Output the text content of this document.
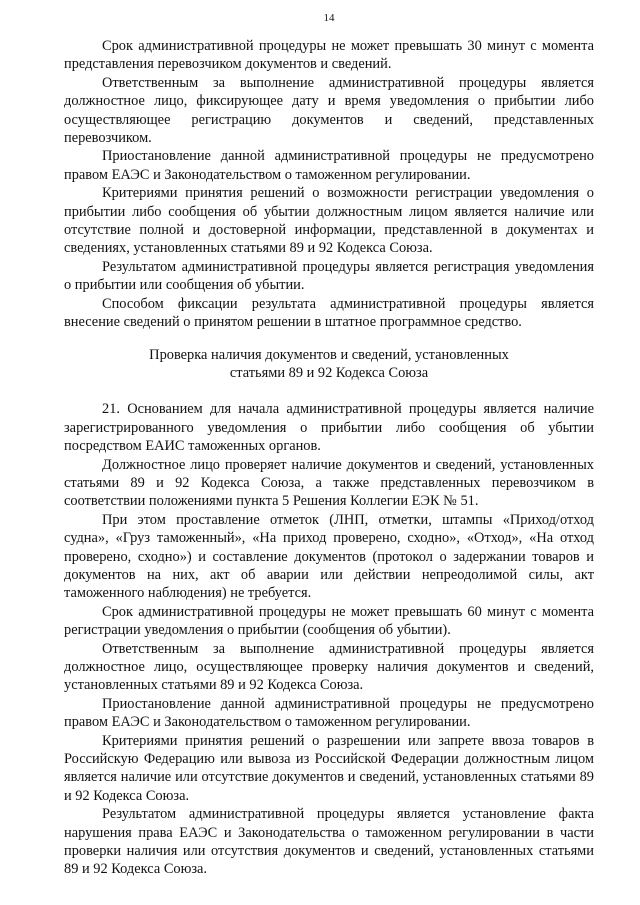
14

Срок административной процедуры не может превышать 30 минут с момента представления перевозчиком документов и сведений.

Ответственным за выполнение административной процедуры является должностное лицо, фиксирующее дату и время уведомления о прибытии либо осуществляющее регистрацию документов и сведений, представленных перевозчиком.

Приостановление данной административной процедуры не предусмотрено правом ЕАЭС и Законодательством о таможенном регулировании.

Критериями принятия решений о возможности регистрации уведомления о прибытии либо сообщения об убытии должностным лицом является наличие или отсутствие полной и достоверной информации, представленной в документах и сведениях, установленных статьями 89 и 92 Кодекса Союза.

Результатом административной процедуры является регистрация уведомления о прибытии или сообщения об убытии.

Способом фиксации результата административной процедуры является внесение сведений о принятом решении в штатное программное средство.

Проверка наличия документов и сведений, установленных
статьями 89 и 92 Кодекса Союза

21. Основанием для начала административной процедуры является наличие зарегистрированного уведомления о прибытии либо сообщения об убытии посредством ЕАИС таможенных органов.

Должностное лицо проверяет наличие документов и сведений, установленных статьями 89 и 92 Кодекса Союза, а также представленных перевозчиком в соответствии положениями пункта 5 Решения Коллегии ЕЭК № 51.

При этом проставление отметок (ЛНП, отметки, штампы «Приход/отход судна», «Груз таможенный», «На приход проверено, сходно», «Отход», «На отход проверено, сходно») и составление документов (протокол о задержании товаров и документов на них, акт об аварии или действии непреодолимой силы, акт таможенного наблюдения) не требуется.

Срок административной процедуры не может превышать 60 минут с момента регистрации уведомления о прибытии (сообщения об убытии).

Ответственным за выполнение административной процедуры является должностное лицо, осуществляющее проверку наличия документов и сведений, установленных статьями 89 и 92 Кодекса Союза.

Приостановление данной административной процедуры не предусмотрено правом ЕАЭС и Законодательством о таможенном регулировании.

Критериями принятия решений о разрешении или запрете ввоза товаров в Российскую Федерацию или вывоза из Российской Федерации должностным лицом является наличие или отсутствие документов и сведений, установленных статьями 89 и 92 Кодекса Союза.

Результатом административной процедуры является установление факта нарушения права ЕАЭС и Законодательства о таможенном регулировании в части проверки наличия или отсутствия документов и сведений, установленных статьями 89 и 92 Кодекса Союза.
